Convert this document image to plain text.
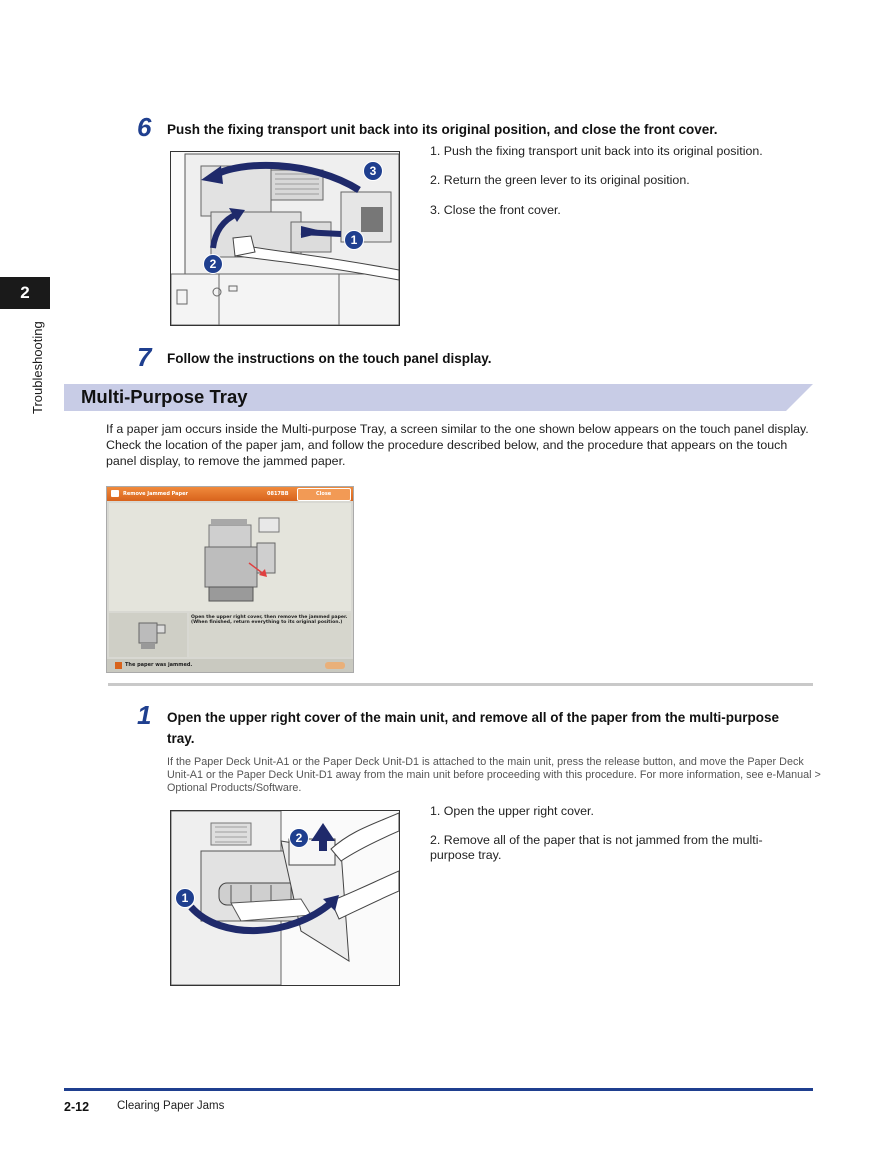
2
Troubleshooting
6 Push the fixing transport unit back into its original position, and close the front cover.
3
1
2
1. Push the fixing transport unit back into its original position.
2. Return the green lever to its original position.
3. Close the front cover.
7 Follow the instructions on the touch panel display.
Multi-Purpose Tray
If a paper jam occurs inside the Multi-purpose Tray, a screen similar to the one shown below appears on the touch panel display.
Check the location of the paper jam, and follow the procedure described below, and the procedure that appears on the touch
panel display, to remove the jammed paper.
Remove Jammed Paper	0817BB	Close
Open the upper right cover, then remove the jammed paper. (When finished, return everything to its original position.)
The paper was jammed.
1 Open the upper right cover of the main unit, and remove all of the paper from the multi-purpose
tray.
If the Paper Deck Unit-A1 or the Paper Deck Unit-D1 is attached to the main unit, press the release button, and move the Paper Deck
Unit-A1 or the Paper Deck Unit-D1 away from the main unit before proceeding with this procedure. For more information, see e-Manual >
Optional Products/Software.
2
1
1. Open the upper right cover.
2. Remove all of the paper that is not jammed from the multi-
purpose tray.
2-12 Clearing Paper Jams
